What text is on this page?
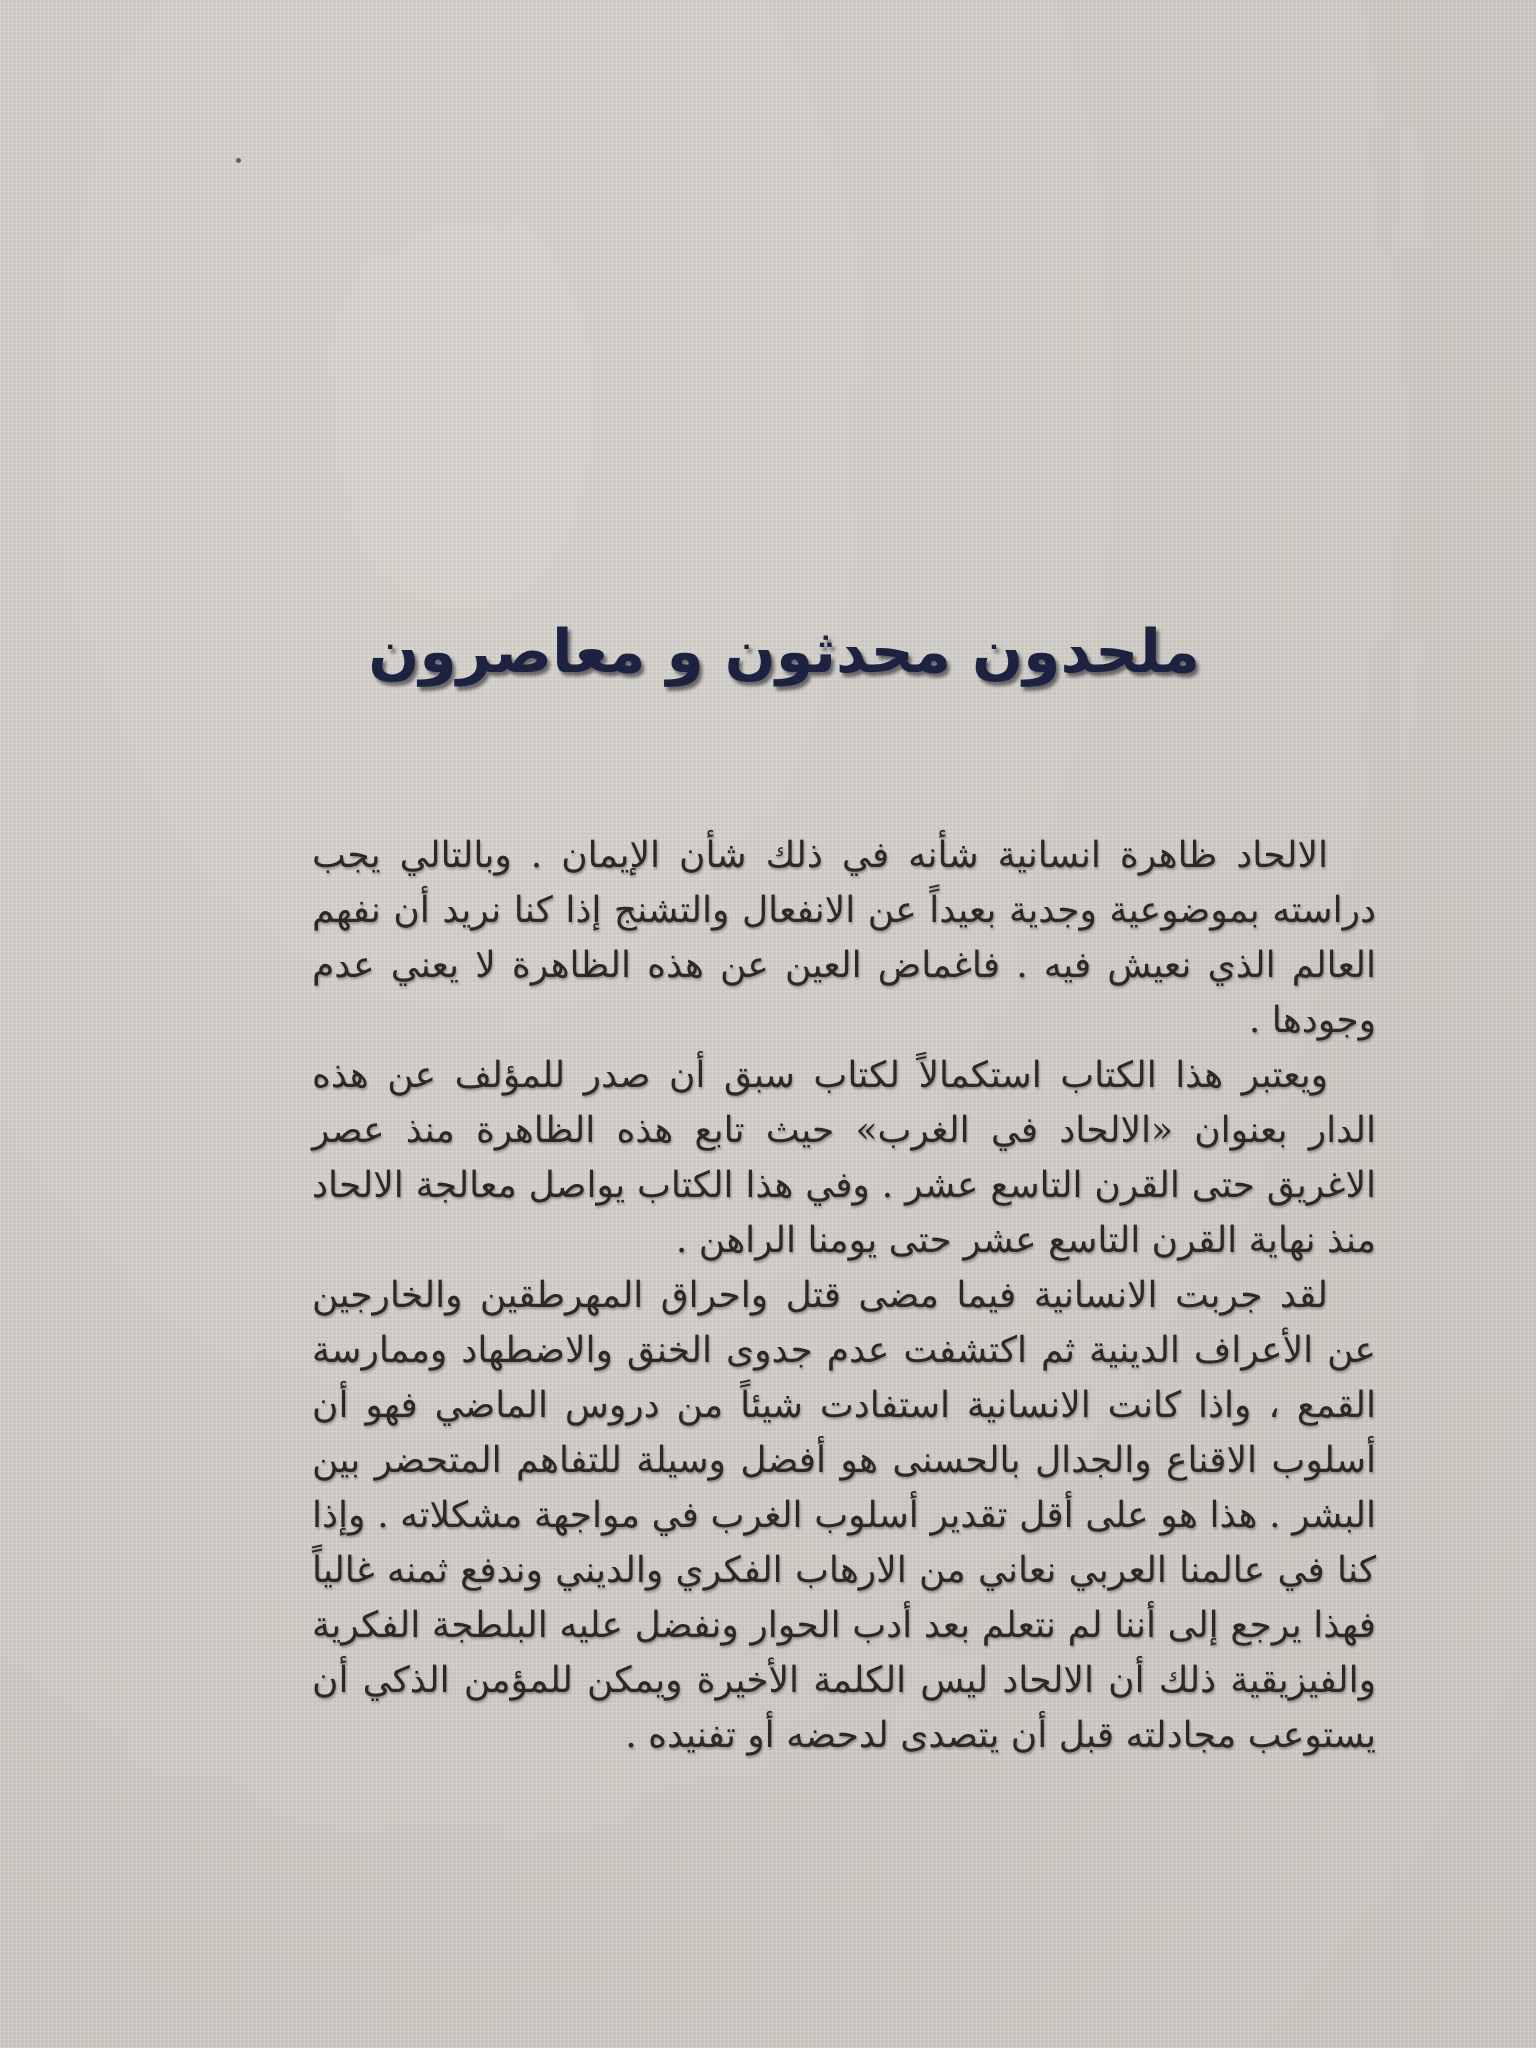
ملحدون محدثون و معاصرون

الالحاد ظاهرة انسانية شأنه في ذلك شأن الإيمان . وبالتالي يجب دراسته بموضوعية وجدية بعيداً عن الانفعال والتشنج إذا كنا نريد أن نفهم العالم الذي نعيش فيه . فاغماض العين عن هذه الظاهرة لا يعني عدم وجودها .

ويعتبر هذا الكتاب استكمالاً لكتاب سبق أن صدر للمؤلف عن هذه الدار بعنوان «الالحاد في الغرب» حيث تابع هذه الظاهرة منذ عصر الاغريق حتى القرن التاسع عشر . وفي هذا الكتاب يواصل معالجة الالحاد منذ نهاية القرن التاسع عشر حتى يومنا الراهن .

لقد جربت الانسانية فيما مضى قتل واحراق المهرطقين والخارجين عن الأعراف الدينية ثم اكتشفت عدم جدوى الخنق والاضطهاد وممارسة القمع ، واذا كانت الانسانية استفادت شيئاً من دروس الماضي فهو أن أسلوب الاقناع والجدال بالحسنى هو أفضل وسيلة للتفاهم المتحضر بين البشر . هذا هو على أقل تقدير أسلوب الغرب في مواجهة مشكلاته . وإذا كنا في عالمنا العربي نعاني من الارهاب الفكري والديني وندفع ثمنه غالياً فهذا يرجع إلى أننا لم نتعلم بعد أدب الحوار ونفضل عليه البلطجة الفكرية والفيزيقية ذلك أن الالحاد ليس الكلمة الأخيرة ويمكن للمؤمن الذكي أن يستوعب مجادلته قبل أن يتصدى لدحضه أو تفنيده .
